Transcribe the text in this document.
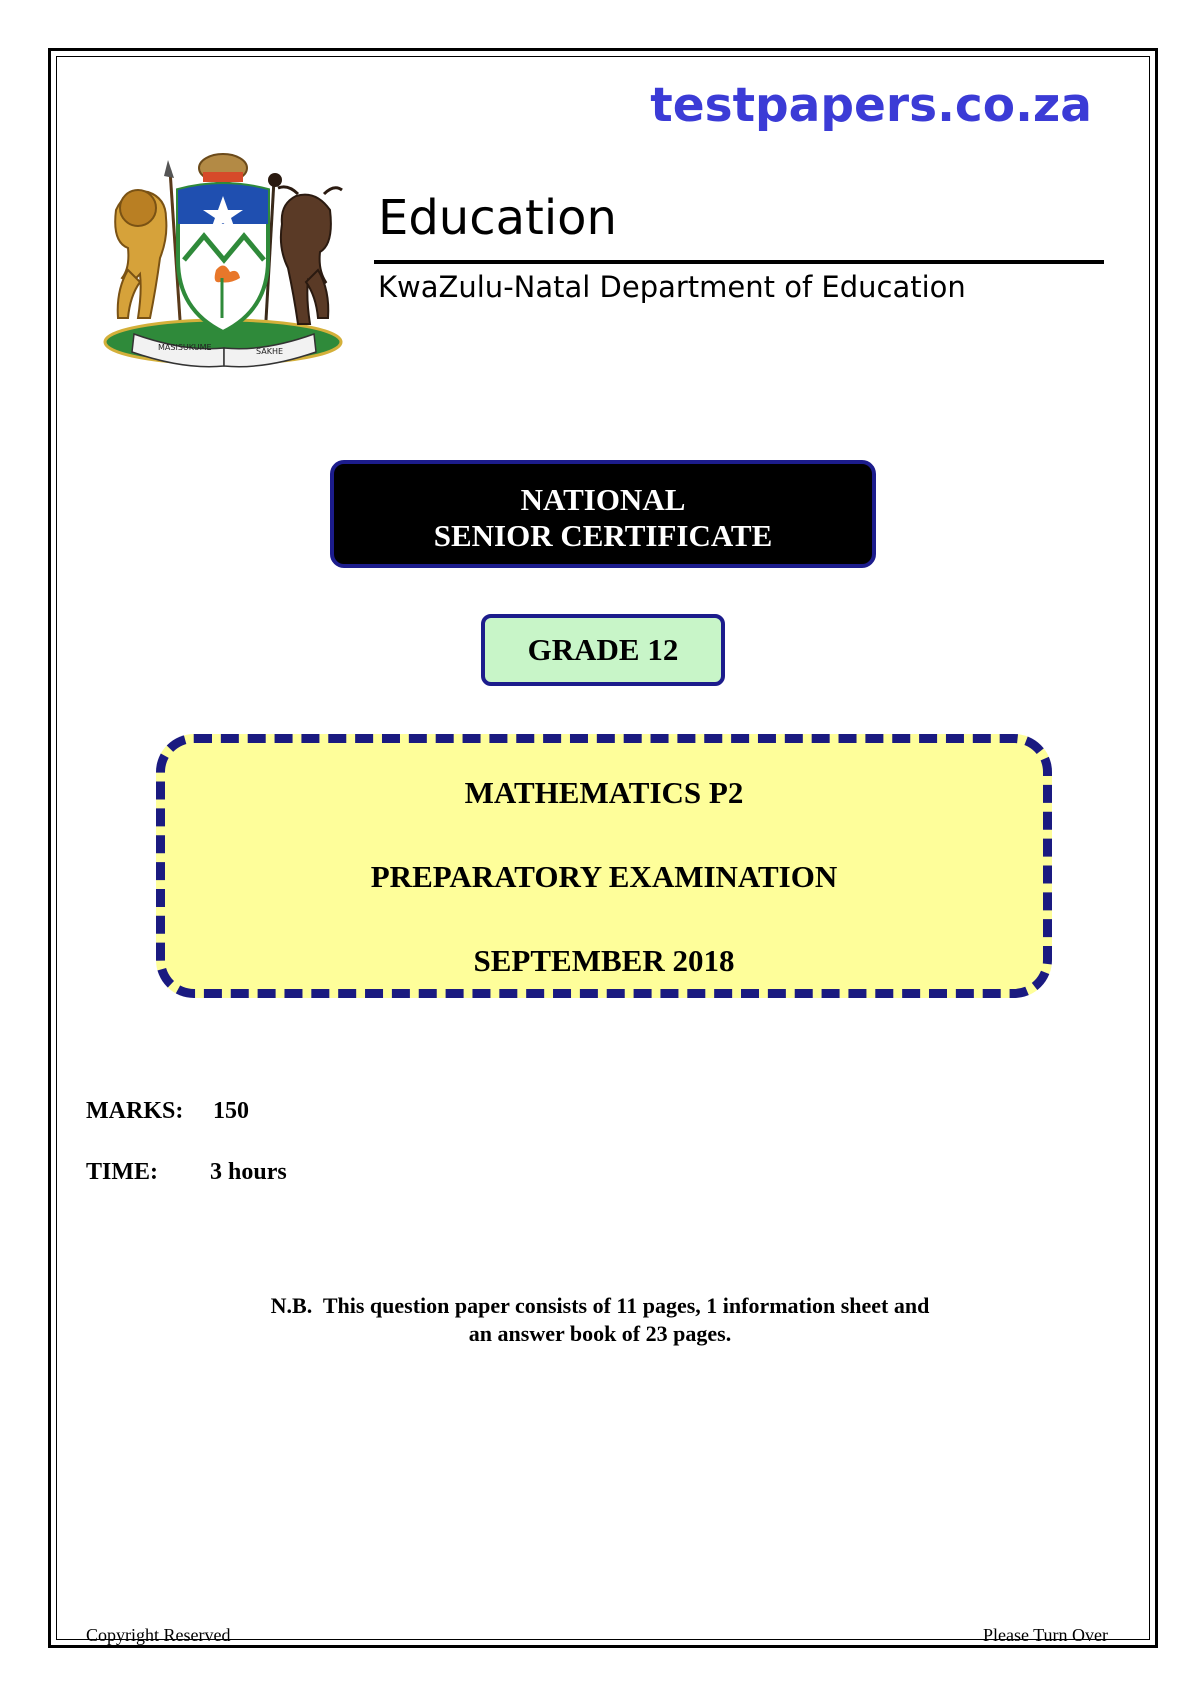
testpapers.co.za
MASISUKUME	SAKHE
Education
KwaZulu-Natal Department of Education
NATIONAL
SENIOR CERTIFICATE
GRADE 12
MATHEMATICS P2
PREPARATORY EXAMINATION
SEPTEMBER 2018
MARKS: 150
TIME: 3 hours
N.B.  This question paper consists of 11 pages, 1 information sheet and
an answer book of 23 pages.
Copyright Reserved	Please Turn Over
